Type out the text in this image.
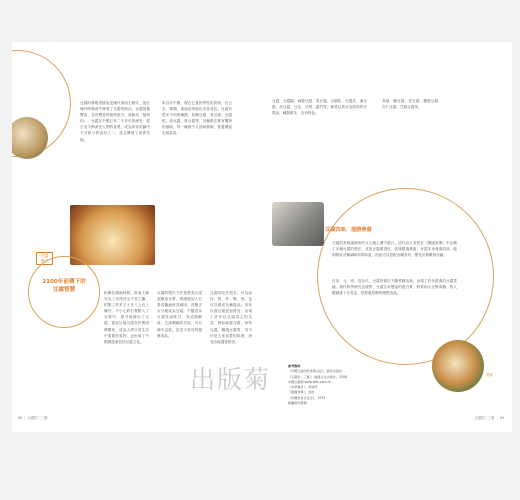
豆腐的發明者據說是漢代淮南王劉安，他在煉丹時無意中發現了豆腐的做法。豆腐營養豐富，含有豐富的植物蛋白，被稱為「植物肉」。豆腐在中國已有二千多年的歷史，從古至今都深受人們的喜愛，成為家常菜餚中不可缺少的食材之一，並且傳到了世界各地。
來自於中國，現在已是世界性的食物，在日本、韓國、東南亞等地也非常普及。豆腐有很多不同的種類，如嫩豆腐、老豆腐、豆腐乾、油豆腐、臭豆腐等，各種做法都有獨特的風味，每一種都令人回味無窮，營養價值也相當高。
豆腐
簡史
2100年前傳下的豆腐智慧
相傳在漢朝時候，淮南王劉安為了求得長生不老之藥，招集了許多方士在八公山上煉丹，不小心將石膏點入了豆漿中，意外地做出了豆腐。從此以後豆腐在民間流傳開來，成為人們日常生活中重要的食物，也形成了中國源遠流長的豆腐文化。
豆腐的製作方法是將黃豆浸泡磨成豆漿，煮沸後加入石膏或鹽滷使其凝固，再壓去水分便成為豆腐。中醫認為豆腐性涼味甘，有清熱解毒、生津潤燥的功效，可以補中益氣，是老少皆宜的健康食品。
豆腐的吃法很多，可以涼拌、煎、炸、燉、煮，也可以做成各種湯品。宋代以後豆腐更加普及，出現了許多以豆腐為主的名菜，例如麻婆豆腐、家常豆腐、鍋塌豆腐等，至今仍是大家喜愛的料理，深受各地饕客推崇。
98 ｜ 豆腐的二三事
豆腐、豆腐腦、麻婆豆腐、臭豆腐、豆腐乾、豆腐皮、凍豆腐、油豆腐、豆花、豆漿、腐竹等，都是以黃豆為原料的豆製品，種類繁多，各有特色。
其他：嫩豆腐、老豆腐、雞蛋豆腐、杏仁豆腐、芝麻豆腐等。
豆腐四味．滋勝燕窩
豆腐的美味讓歷來的文人雅士讚不絕口，清代詩人袁枚在《隨園食單》中記載了多種豆腐的做法，並說豆腐做得好，其味勝過燕窩。豆腐本身味道清淡，能夠吸收各種調味料的味道，因此可以搭配各種食材，變化出無數的佳餚。
在宋、元、明、清各代，豆腐的做法不斷推陳出新，出現了許多經典的豆腐菜餚。現代科學研究也證實，豆腐含有豐富的蛋白質、鈣質和大豆異黃酮，對人體健康十分有益，是營養均衡的理想食品。
美味
參考資料
《中國豆腐的飲食與文化》，國家出版社
《豆腐的二三事》，健康文化出版社，2008
中國豆腐網 www.tofu.com.cn
《本草綱目》，李時珍
《隨園食單》，袁枚
《中國飲食文化史》，1975
相關資料整理
豆腐的二三事 ｜ 99
出版菊
